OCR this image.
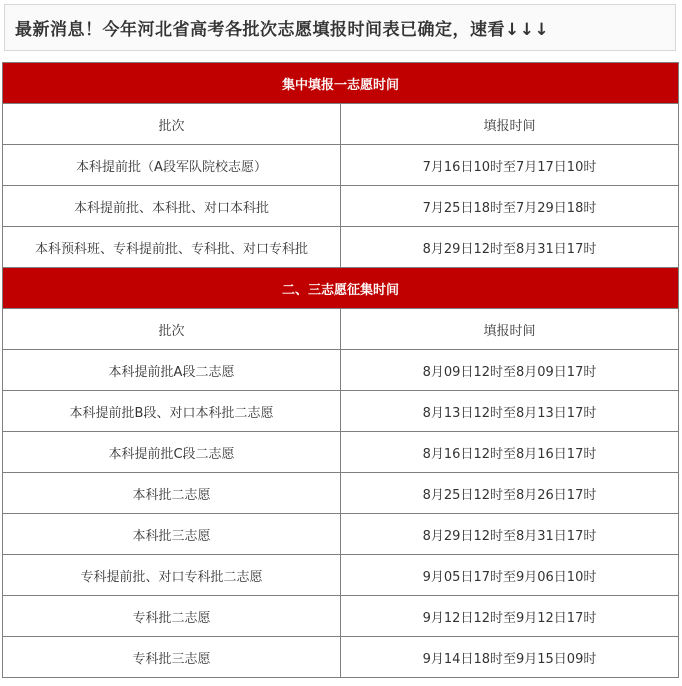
最新消息！今年河北省高考各批次志愿填报时间表已确定，速看↓↓↓
集中填报一志愿时间	
批次	填报时间
本科提前批（A段军队院校志愿）	7月16日10时至7月17日10时
本科提前批、本科批、对口本科批	7月25日18时至7月29日18时
本科预科班、专科提前批、专科批、对口专科批	8月29日12时至8月31日17时
二、三志愿征集时间	
批次	填报时间
本科提前批A段二志愿	8月09日12时至8月09日17时
本科提前批B段、对口本科批二志愿	8月13日12时至8月13日17时
本科提前批C段二志愿	8月16日12时至8月16日17时
本科批二志愿	8月25日12时至8月26日17时
本科批三志愿	8月29日12时至8月31日17时
专科提前批、对口专科批二志愿	9月05日17时至9月06日10时
专科批二志愿	9月12日12时至9月12日17时
专科批三志愿	9月14日18时至9月15日09时
